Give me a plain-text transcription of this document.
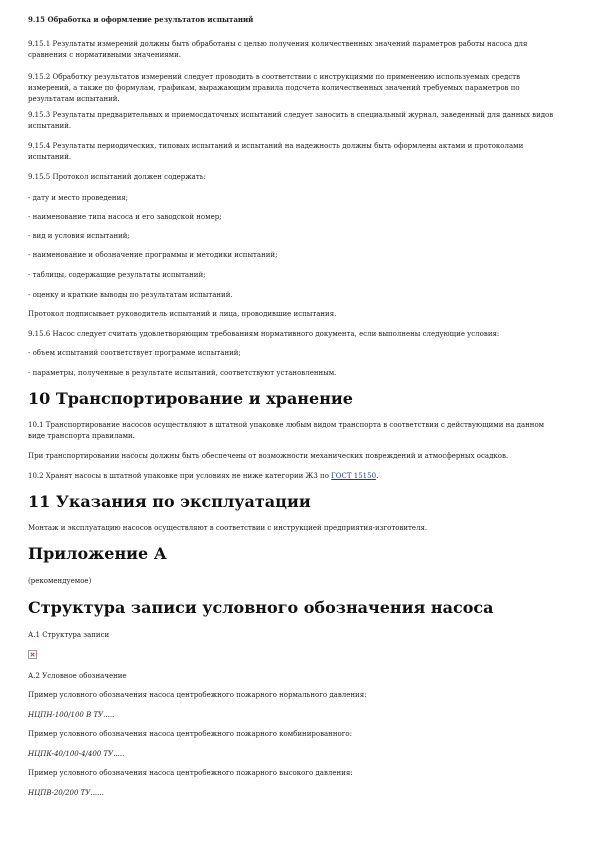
9.15 Обработка и оформление результатов испытаний

9.15.1 Результаты измерений должны быть обработаны с целью получения количественных значений параметров работы насоса для сравнения с нормативными значениями.

9.15.2 Обработку результатов измерений следует проводить в соответствии с инструкциями по применению используемых средств измерений, а также по формулам, графикам, выражающим правила подсчета количественных значений требуемых параметров по результатам испытаний.

9.15.3 Результаты предварительных и приемосдаточных испытаний следует заносить в специальный журнал, заведенный для данных видов испытаний.

9.15.4 Результаты периодических, типовых испытаний и испытаний на надежность должны быть оформлены актами и протоколами испытаний.

9.15.5 Протокол испытаний должен содержать:

- дату и место проведения;

- наименование типа насоса и его заводской номер;

- вид и условия испытаний;

- наименование и обозначение программы и методики испытаний;

- таблицы, содержащие результаты испытаний;

- оценку и краткие выводы по результатам испытаний.

Протокол подписывает руководитель испытаний и лица, проводившие испытания.

9.15.6 Насос следует считать удовлетворяющим требованиям нормативного документа, если выполнены следующие условия:

- объем испытаний соответствует программе испытаний;

- параметры, полученные в результате испытаний, соответствуют установленным.

10 Транспортирование и хранение

10.1 Транспортирование насосов осуществляют в штатной упаковке любым видом транспорта в соответствии с действующими на данном виде транспорта правилами.

При транспортировании насосы должны быть обеспечены от возможности механических повреждений и атмосферных осадков.

10.2 Хранят насосы в штатной упаковке при условиях не ниже категории Ж3 по ГОСТ 15150.

11 Указания по эксплуатации

Монтаж и эксплуатацию насосов осуществляют в соответствии с инструкцией предприятия-изготовителя.

Приложение А

(рекомендуемое)

Структура записи условного обозначения насоса

А.1 Структура записи

А.2 Условное обозначение

Пример условного обозначения насоса центробежного пожарного нормального давления:

НЦПН-100/100 В ТУ.....

Пример условного обозначения насоса центробежного пожарного комбинированного:

НЦПК-40/100-4/400 ТУ.....

Пример условного обозначения насоса центробежного пожарного высокого давления:

НЦПВ-20/200 ТУ......
